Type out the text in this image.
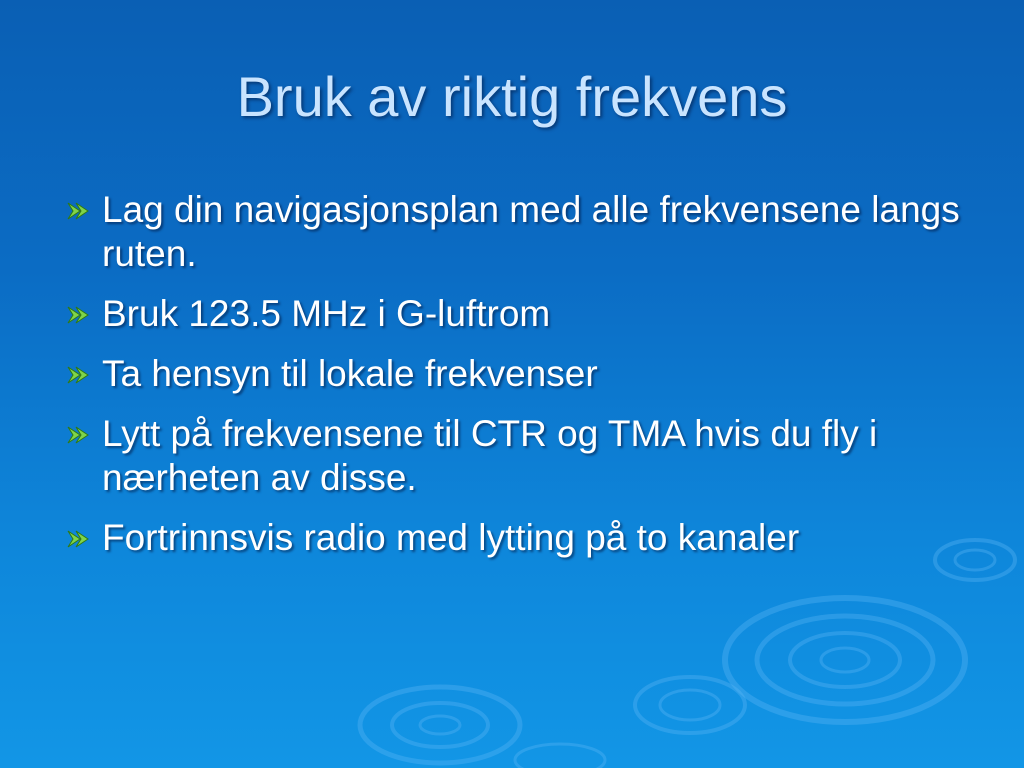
Bruk av riktig frekvens
Lag din navigasjonsplan med alle frekvensene langs ruten.
Bruk 123.5 MHz i G-luftrom
Ta hensyn til lokale frekvenser
Lytt på frekvensene til CTR og TMA hvis du fly i nærheten av disse.
Fortrinnsvis radio med lytting på to kanaler
